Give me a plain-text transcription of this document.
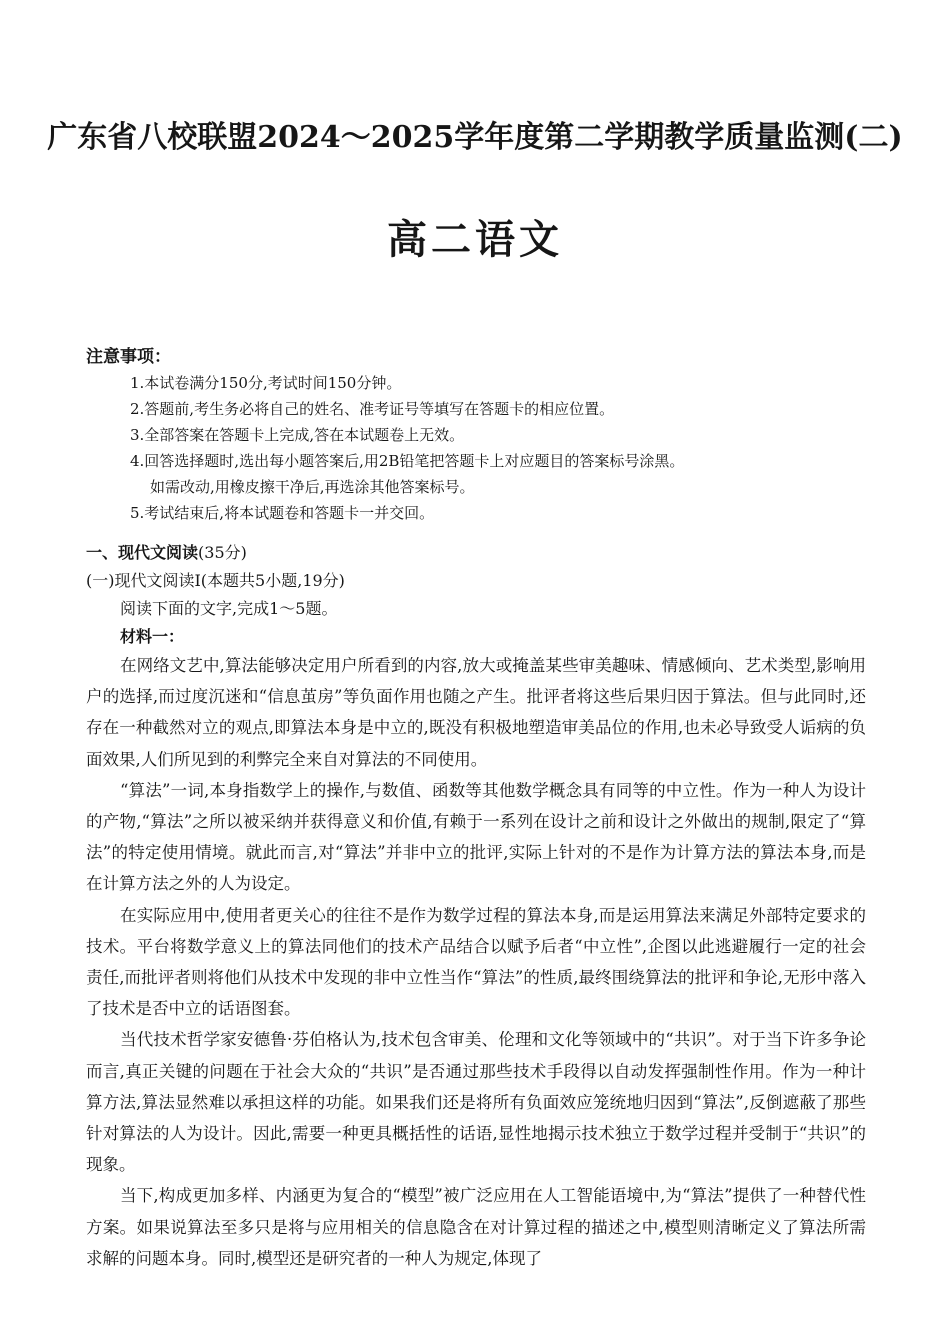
广东省八校联盟2024～2025学年度第二学期教学质量监测(二)
高二语文
注意事项：
1.本试卷满分150分,考试时间150分钟。
2.答题前,考生务必将自己的姓名、准考证号等填写在答题卡的相应位置。
3.全部答案在答题卡上完成,答在本试题卷上无效。
4.回答选择题时,选出每小题答案后,用2B铅笔把答题卡上对应题目的答案标号涂黑。
如需改动,用橡皮擦干净后,再选涂其他答案标号。
5.考试结束后,将本试题卷和答题卡一并交回。
一、现代文阅读(35分)

(一)现代文阅读Ⅰ(本题共5小题,19分)

阅读下面的文字,完成1～5题。

材料一：

在网络文艺中,算法能够决定用户所看到的内容,放大或掩盖某些审美趣味、情感倾向、艺术类型,影响用户的选择,而过度沉迷和“信息茧房”等负面作用也随之产生。批评者将这些后果归因于算法。但与此同时,还存在一种截然对立的观点,即算法本身是中立的,既没有积极地塑造审美品位的作用,也未必导致受人诟病的负面效果,人们所见到的利弊完全来自对算法的不同使用。

“算法”一词,本身指数学上的操作,与数值、函数等其他数学概念具有同等的中立性。作为一种人为设计的产物,“算法”之所以被采纳并获得意义和价值,有赖于一系列在设计之前和设计之外做出的规制,限定了“算法”的特定使用情境。就此而言,对“算法”并非中立的批评,实际上针对的不是作为计算方法的算法本身,而是在计算方法之外的人为设定。

在实际应用中,使用者更关心的往往不是作为数学过程的算法本身,而是运用算法来满足外部特定要求的技术。平台将数学意义上的算法同他们的技术产品结合以赋予后者“中立性”,企图以此逃避履行一定的社会责任,而批评者则将他们从技术中发现的非中立性当作“算法”的性质,最终围绕算法的批评和争论,无形中落入了技术是否中立的话语图套。

当代技术哲学家安德鲁·芬伯格认为,技术包含审美、伦理和文化等领域中的“共识”。对于当下许多争论而言,真正关键的问题在于社会大众的“共识”是否通过那些技术手段得以自动发挥强制性作用。作为一种计算方法,算法显然难以承担这样的功能。如果我们还是将所有负面效应笼统地归因到“算法”,反倒遮蔽了那些针对算法的人为设计。因此,需要一种更具概括性的话语,显性地揭示技术独立于数学过程并受制于“共识”的现象。

当下,构成更加多样、内涵更为复合的“模型”被广泛应用在人工智能语境中,为“算法”提供了一种替代性方案。如果说算法至多只是将与应用相关的信息隐含在对计算过程的描述之中,模型则清晰定义了算法所需求解的问题本身。同时,模型还是研究者的一种人为规定,体现了
